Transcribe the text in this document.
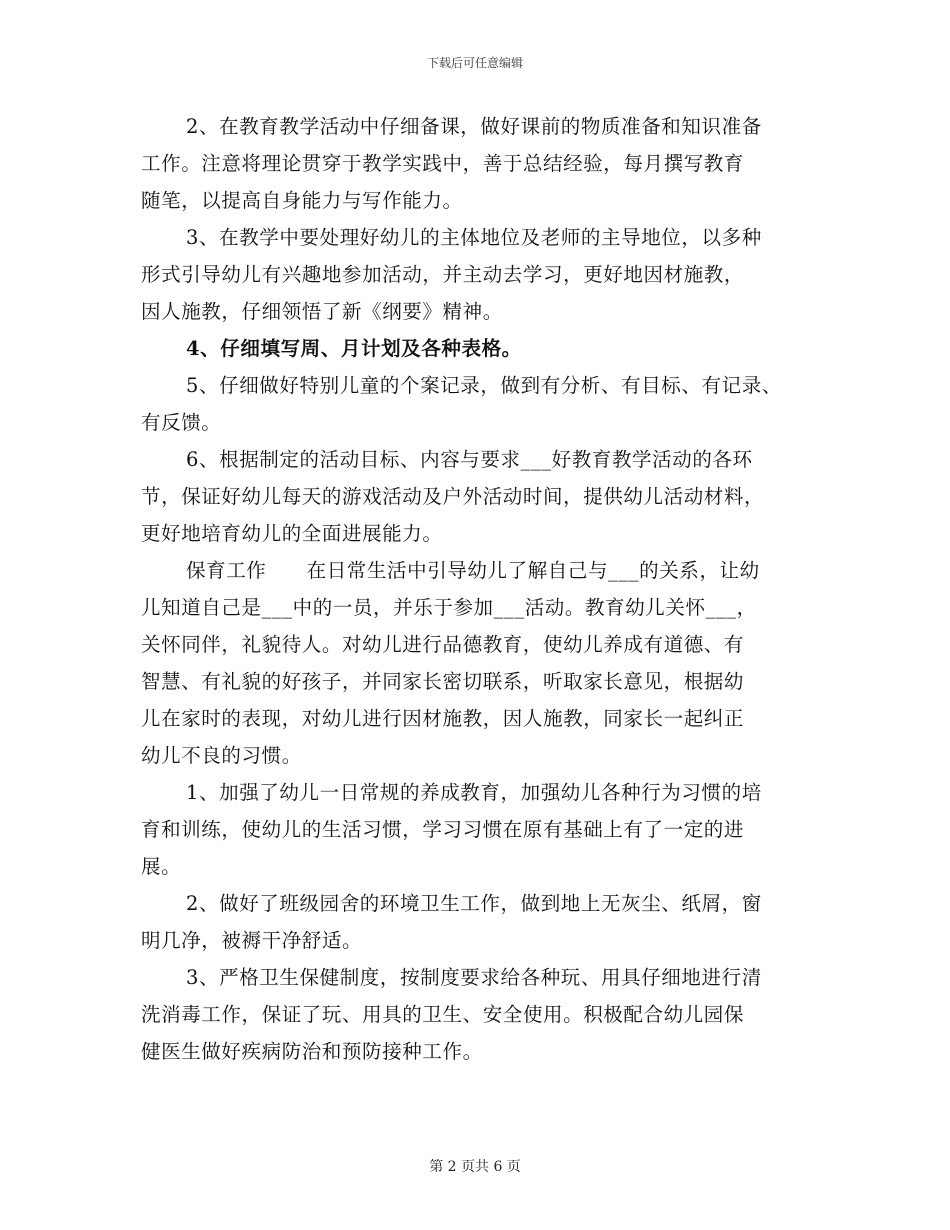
下载后可任意编辑
2、在教育教学活动中仔细备课，做好课前的物质准备和知识准备
工作。注意将理论贯穿于教学实践中，善于总结经验，每月撰写教育
随笔，以提高自身能力与写作能力。
3、在教学中要处理好幼儿的主体地位及老师的主导地位，以多种
形式引导幼儿有兴趣地参加活动，并主动去学习，更好地因材施教，
因人施教，仔细领悟了新《纲要》精神。
4、仔细填写周、月计划及各种表格。
5、仔细做好特别儿童的个案记录，做到有分析、有目标、有记录、
有反馈。
6、根据制定的活动目标、内容与要求___好教育教学活动的各环
节，保证好幼儿每天的游戏活动及户外活动时间，提供幼儿活动材料，
更好地培育幼儿的全面进展能力。
保育工作　　在日常生活中引导幼儿了解自己与___的关系，让幼
儿知道自己是___中的一员，并乐于参加___活动。教育幼儿关怀___，
关怀同伴，礼貌待人。对幼儿进行品德教育，使幼儿养成有道德、有
智慧、有礼貌的好孩子，并同家长密切联系，听取家长意见，根据幼
儿在家时的表现，对幼儿进行因材施教，因人施教，同家长一起纠正
幼儿不良的习惯。
1、加强了幼儿一日常规的养成教育，加强幼儿各种行为习惯的培
育和训练，使幼儿的生活习惯，学习习惯在原有基础上有了一定的进
展。
2、做好了班级园舍的环境卫生工作，做到地上无灰尘、纸屑，窗
明几净，被褥干净舒适。
3、严格卫生保健制度，按制度要求给各种玩、用具仔细地进行清
洗消毒工作，保证了玩、用具的卫生、安全使用。积极配合幼儿园保
健医生做好疾病防治和预防接种工作。
第 2 页共 6 页
